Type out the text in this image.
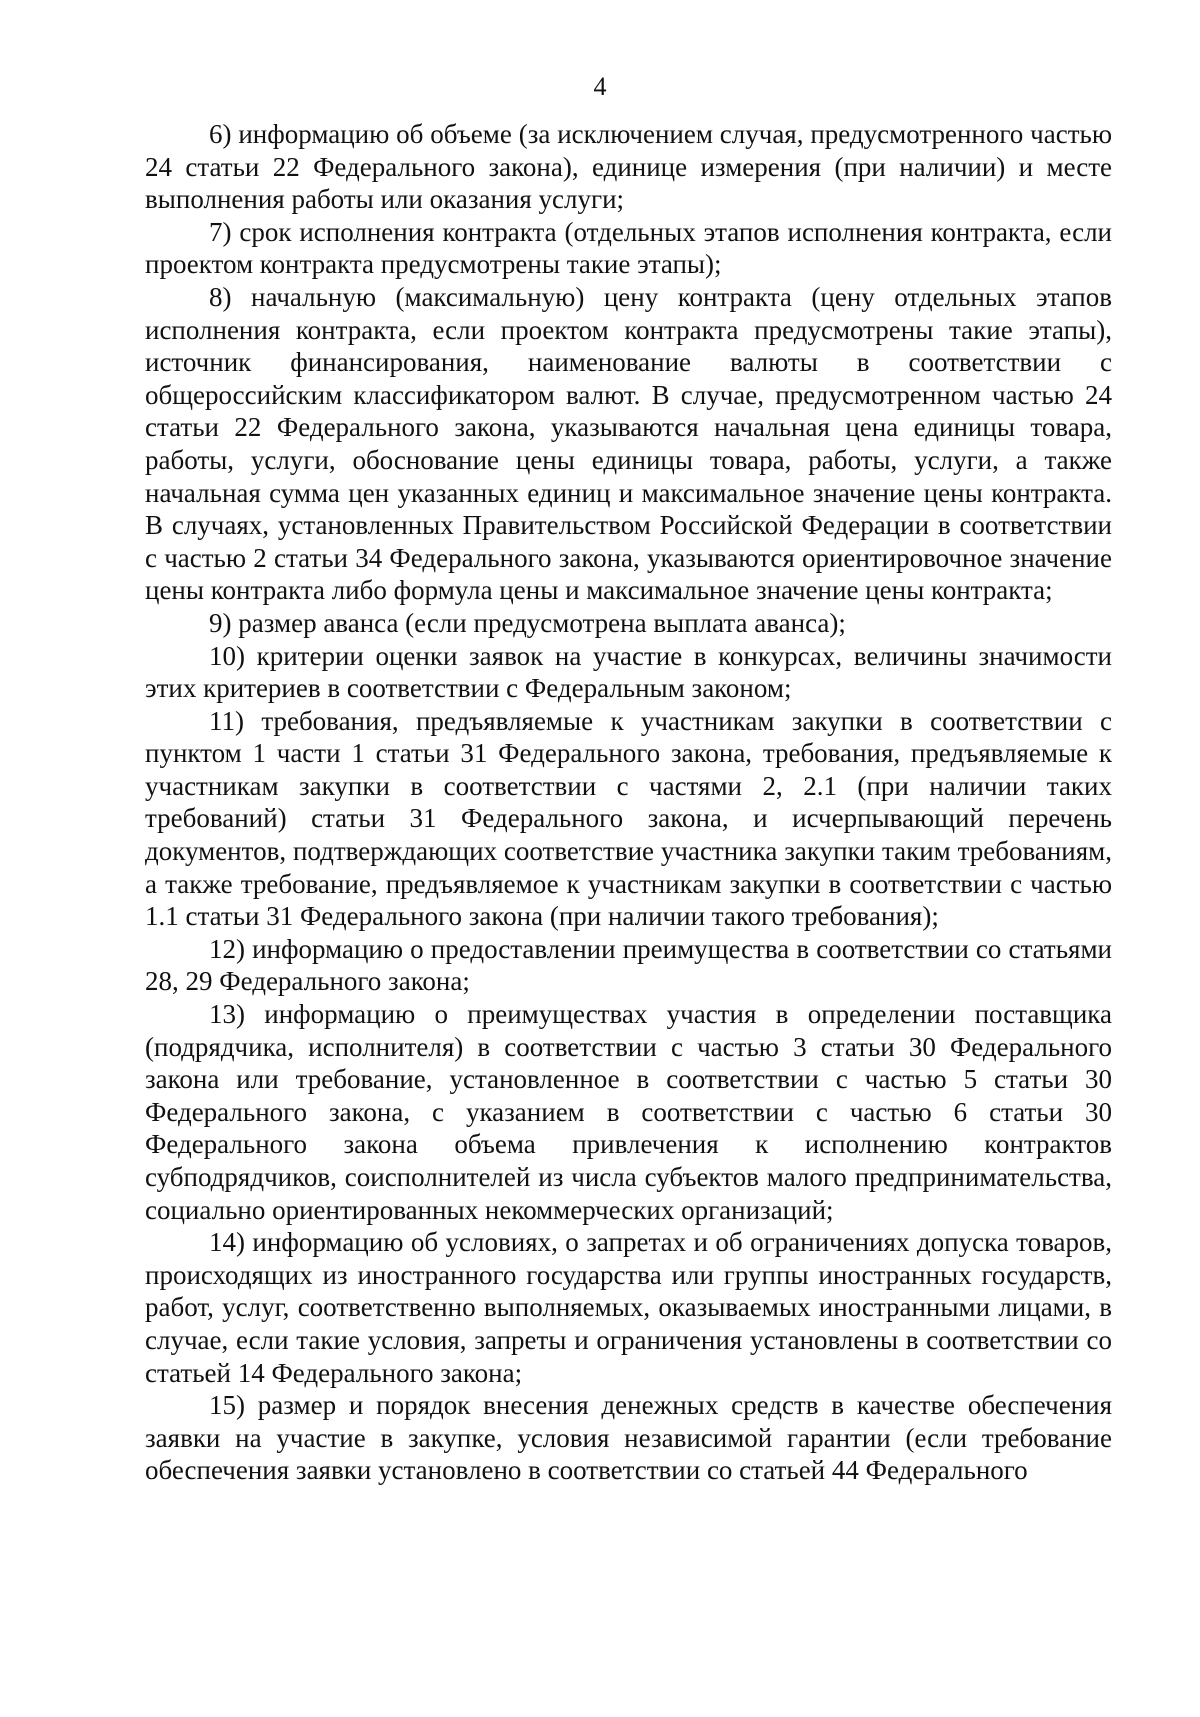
4

6) информацию об объеме (за исключением случая, предусмотренного частью 24 статьи 22 Федерального закона), единице измерения (при наличии) и месте выполнения работы или оказания услуги;

7) срок исполнения контракта (отдельных этапов исполнения контракта, если проектом контракта предусмотрены такие этапы);

8) начальную (максимальную) цену контракта (цену отдельных этапов исполнения контракта, если проектом контракта предусмотрены такие этапы), источник финансирования, наименование валюты в соответствии с общероссийским классификатором валют. В случае, предусмотренном частью 24 статьи 22 Федерального закона, указываются начальная цена единицы товара, работы, услуги, обоснование цены единицы товара, работы, услуги, а также начальная сумма цен указанных единиц и максимальное значение цены контракта. В случаях, установленных Правительством Российской Федерации в соответствии с частью 2 статьи 34 Федерального закона, указываются ориентировочное значение цены контракта либо формула цены и максимальное значение цены контракта;

9) размер аванса (если предусмотрена выплата аванса);

10) критерии оценки заявок на участие в конкурсах, величины значимости этих критериев в соответствии с Федеральным законом;

11) требования, предъявляемые к участникам закупки в соответствии с пунктом 1 части 1 статьи 31 Федерального закона, требования, предъявляемые к участникам закупки в соответствии с частями 2, 2.1 (при наличии таких требований) статьи 31 Федерального закона, и исчерпывающий перечень документов, подтверждающих соответствие участника закупки таким требованиям, а также требование, предъявляемое к участникам закупки в соответствии с частью 1.1 статьи 31 Федерального закона (при наличии такого требования);

12) информацию о предоставлении преимущества в соответствии со статьями 28, 29 Федерального закона;

13) информацию о преимуществах участия в определении поставщика (подрядчика, исполнителя) в соответствии с частью 3 статьи 30 Федерального закона или требование, установленное в соответствии с частью 5 статьи 30 Федерального закона, с указанием в соответствии с частью 6 статьи 30 Федерального закона объема привлечения к исполнению контрактов субподрядчиков, соисполнителей из числа субъектов малого предпринимательства, социально ориентированных некоммерческих организаций;

14) информацию об условиях, о запретах и об ограничениях допуска товаров, происходящих из иностранного государства или группы иностранных государств, работ, услуг, соответственно выполняемых, оказываемых иностранными лицами, в случае, если такие условия, запреты и ограничения установлены в соответствии со статьей 14 Федерального закона;

15) размер и порядок внесения денежных средств в качестве обеспечения заявки на участие в закупке, условия независимой гарантии (если требование обеспечения заявки установлено в соответствии со статьей 44 Федерального
